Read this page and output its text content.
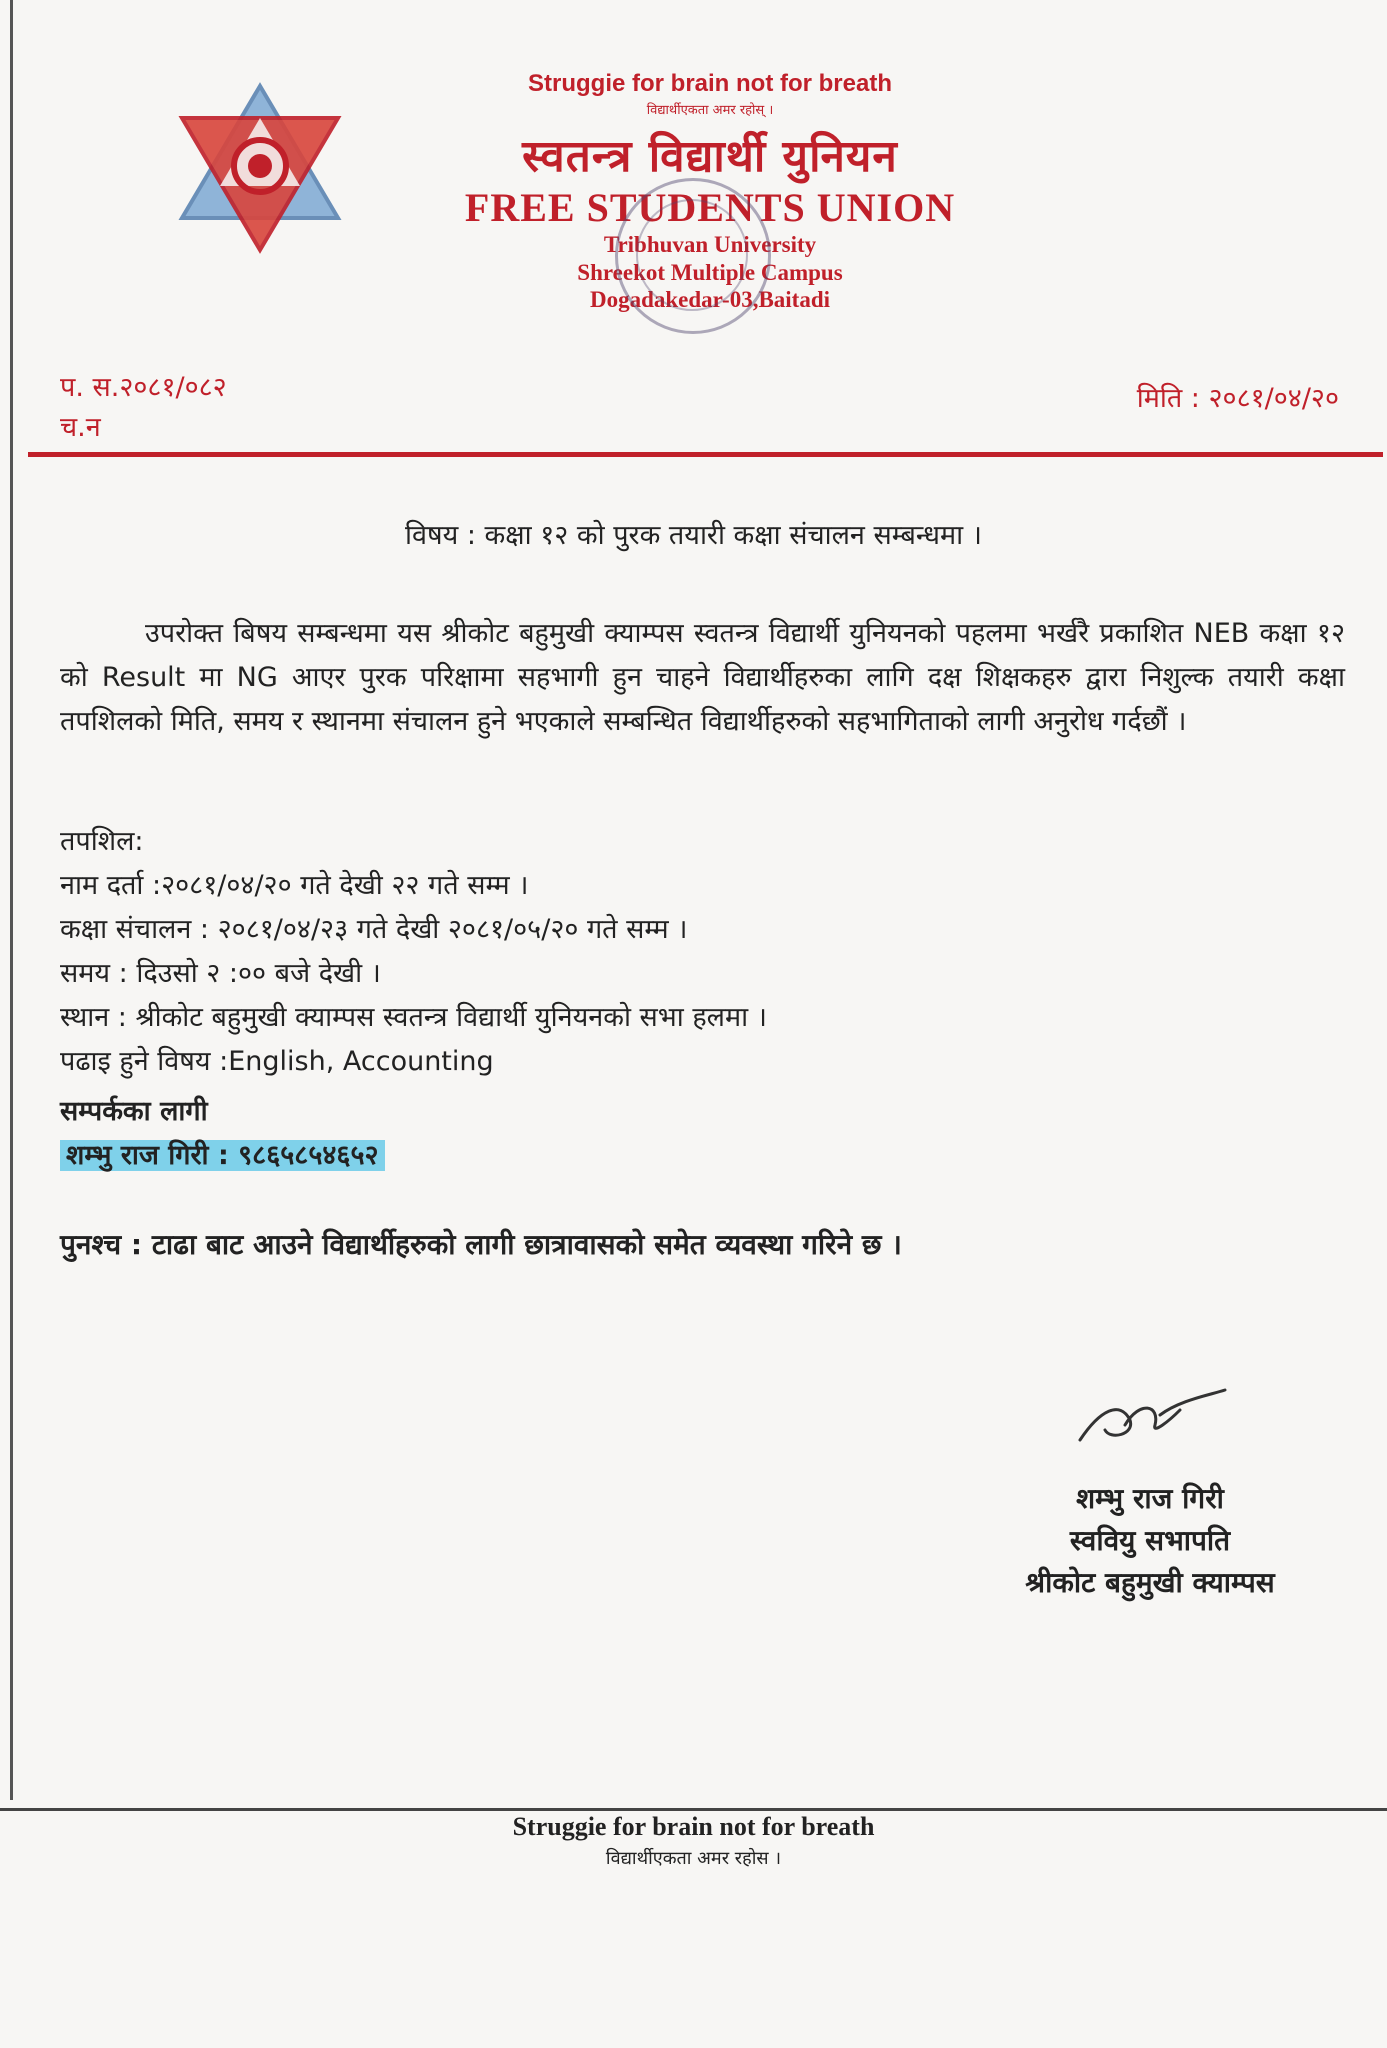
Struggie for brain not for breath

विद्यार्थीएकता अमर रहोस् ।

स्वतन्त्र विद्यार्थी युनियन

FREE STUDENTS UNION

Tribhuvan University

Shreekot Multiple Campus

Dogadakedar-03,Baitadi

प. स.२०८१/०८२
च.न
मिति : २०८१/०४/२०
विषय : कक्षा १२ को पुरक तयारी कक्षा संचालन सम्बन्धमा ।

उपरोक्त बिषय सम्बन्धमा यस श्रीकोट बहुमुखी क्याम्पस स्वतन्त्र विद्यार्थी युनियनको पहलमा भर्खरै प्रकाशित NEB कक्षा १२ को Result मा NG आएर पुरक परिक्षामा सहभागी हुन चाहने विद्यार्थीहरुका लागि दक्ष शिक्षकहरु द्वारा निशुल्क तयारी कक्षा तपशिलको मिति, समय र स्थानमा संचालन हुने भएकाले सम्बन्धित विद्यार्थीहरुको सहभागिताको लागी अनुरोध गर्दछौं ।

तपशिल:
नाम दर्ता :२०८१/०४/२० गते देखी २२ गते सम्म ।
कक्षा संचालन : २०८१/०४/२३ गते देखी २०८१/०५/२० गते सम्म ।
समय : दिउसो २ :०० बजे देखी ।
स्थान : श्रीकोट बहुमुखी क्याम्पस स्वतन्त्र विद्यार्थी युनियनको सभा हलमा ।
पढाइ हुने विषय :English, Accounting
सम्पर्कका लागी
शम्भु राज गिरी : ९८६५८५४६५२
पुनश्च : टाढा बाट आउने विद्यार्थीहरुको लागी छात्रावासको समेत व्यवस्था गरिने छ ।
शम्भु राज गिरी
स्ववियु सभापति
श्रीकोट बहुमुखी क्याम्पस

Struggie for brain not for breath

विद्यार्थीएकता अमर रहोस ।
